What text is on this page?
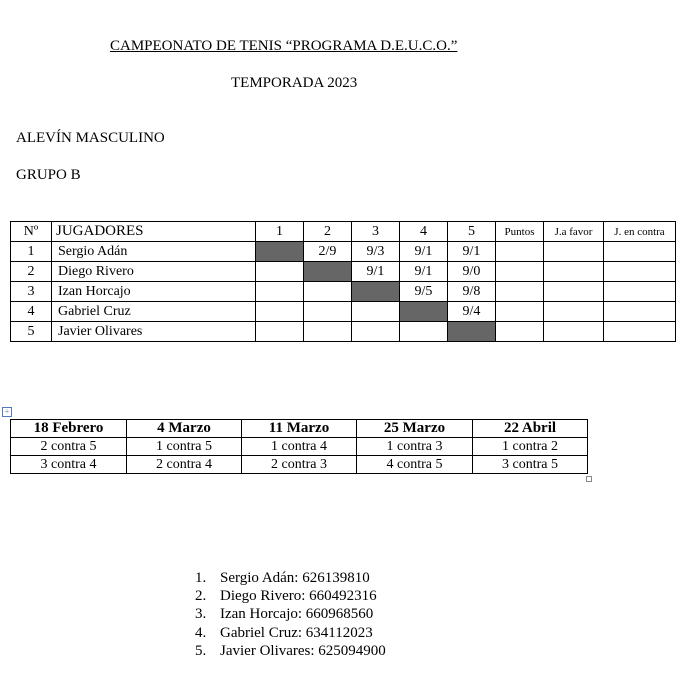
CAMPEONATO DE TENIS “PROGRAMA D.E.U.C.O.”
TEMPORADA 2023
ALEVÍN MASCULINO
GRUPO B
Nº	JUGADORES	1	2	3	4	5	Puntos	J.a favor	J. en contra
1	Sergio Adán		2/9	9/3	9/1	9/1			
2	Diego Rivero			9/1	9/1	9/0			
3	Izan Horcajo				9/5	9/8			
4	Gabriel Cruz					9/4			
5	Javier Olivares								
+
18 Febrero	4 Marzo	11 Marzo	25 Marzo	22 Abril
2 contra 5	1 contra 5	1 contra 4	1 contra 3	1 contra 2
3 contra 4	2 contra 4	2 contra 3	4 contra 5	3 contra 5
1. Sergio Adán: 626139810
2. Diego Rivero: 660492316
3. Izan Horcajo: 660968560
4. Gabriel Cruz: 634112023
5. Javier Olivares: 625094900
